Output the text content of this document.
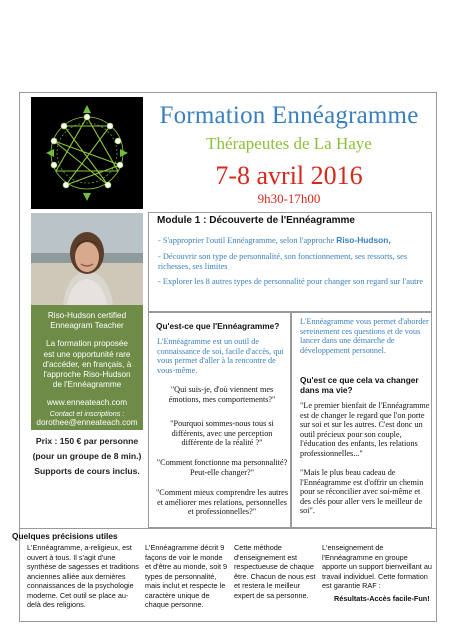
Formation Ennéagramme
Thérapeutes de La Haye
7-8 avril 2016
9h30-17h00
Riso-Hudson certified
Enneagram Teacher
La formation proposée
est une opportunité rare
d'accéder, en français, à
l'approche Riso-Hudson
de l'Ennéagramme
www.enneateach.com
Contact et inscriptions :
dorothee@enneateach.com
Prix : 150 € par personne
(pour un groupe de 8 min.)
Supports de cours inclus.
Module 1 : Découverte de l'Ennéagramme
- S'approprier l'outil Ennéagramme, selon l'approche Riso-Hudson,
- Découvrir son type de personnalité, son fonctionnement, ses ressorts, ses richesses, ses limites
- Explorer les 8 autres types de personnalité pour changer son regard sur l'autre
Qu'est-ce que l'Ennéagramme?
L'Ennéagramme est un outil de connaissance de soi, facile d'accès, qui vous permet d'aller à la rencontre de vous-même.
"Qui suis-je, d'où viennent mes émotions, mes comportements?"
"Pourquoi sommes-nous tous si différents, avec une perception différente de la réalité ?"
"Comment fonctionne ma personnalité? Peut-elle changer?"
"Comment mieux comprendre les autres et améliorer mes relations, personnelles et professionnelles?"
L'Ennéagramme vous permet d'aborder sereinement ces questions et de vous lancer dans une démarche de développement personnel.
Qu'est ce que cela va changer dans ma vie?
"Le premier bienfait de l'Ennéagramme est de changer le regard que l'on porte sur soi et sur les autres. C'est donc un outil précieux pour son couple, l'éducation des enfants, les relations professionnelles..."
"Mais le plus beau cadeau de l'Ennéagramme est d'offrir un chemin pour se réconcilier avec soi-même et des clés pour aller vers le meilleur de soi".
Quelques précisions utiles
L'Ennéagramme, a-religieux, est ouvert à tous. Il s'agit d'une synthèse de sagesses et traditions anciennes alliée aux dernières connaissances de la psychologie moderne. Cet outil se place au-delà des religions.
L'Ennéagramme décrit 9 façons de voir le monde et d'être au monde, soit 9 types de personnalité, mais inclut et respecte le caractère unique de chaque personne.
Cette méthode d'enseignement est respectueuse de chaque être. Chacun de nous est et restera le meilleur expert de sa personne.
L'enseignement de l'Ennéagramme en groupe apporte un support bienveillant au travail individuel. Cette formation est garantie RAF :
Résultats-Accès facile-Fun!
